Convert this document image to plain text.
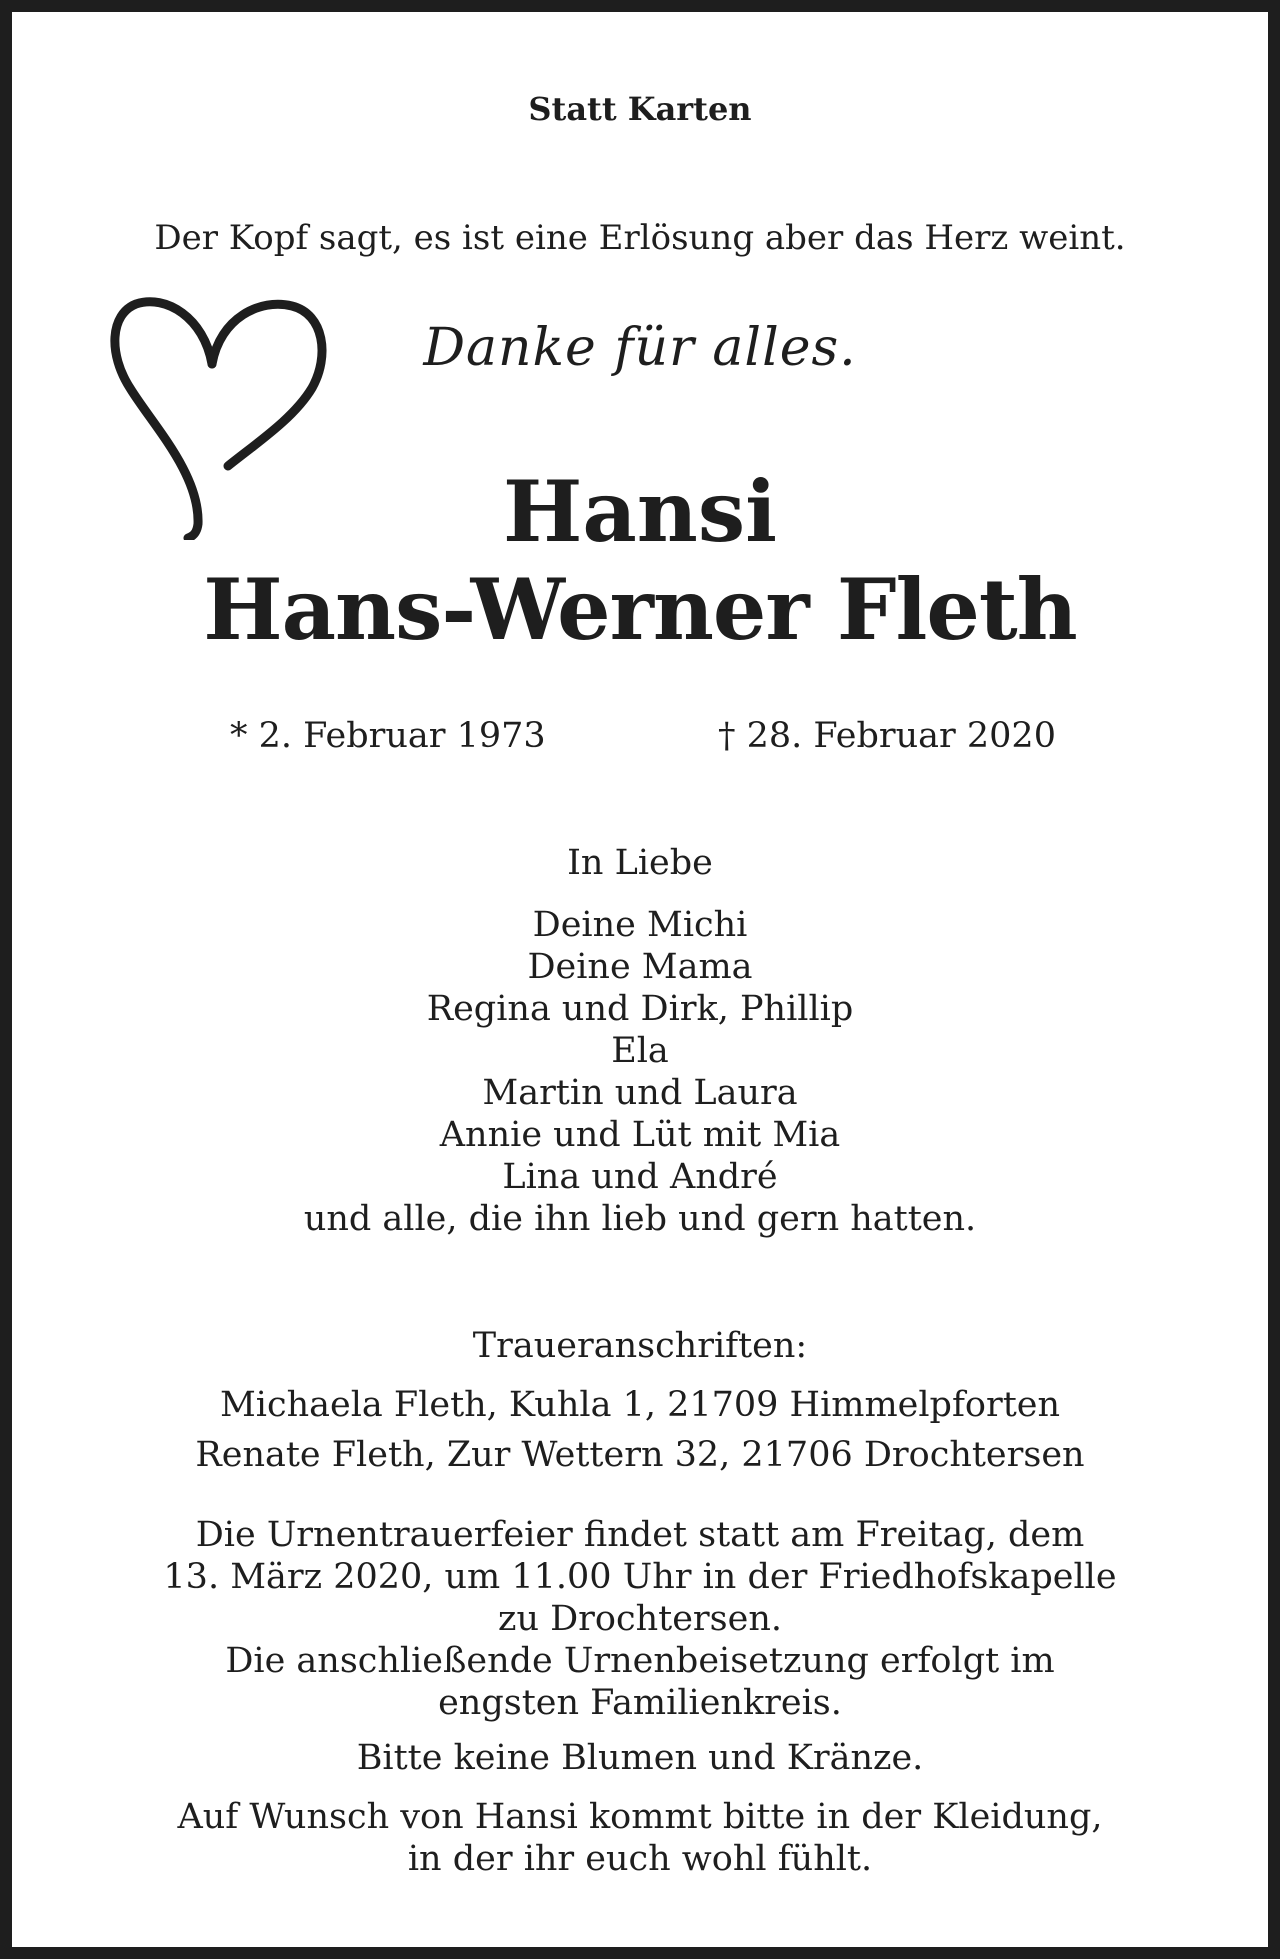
Statt Karten
Der Kopf sagt, es ist eine Erlösung aber das Herz weint.
Danke für alles.
Hansi
Hans-Werner Fleth
* 2. Februar 1973	† 28. Februar 2020
In Liebe
Deine Michi
Deine Mama
Regina und Dirk, Phillip
Ela
Martin und Laura
Annie und Lüt mit Mia
Lina und André
und alle, die ihn lieb und gern hatten.
Traueranschriften:
Michaela Fleth, Kuhla 1, 21709 Himmelpforten
Renate Fleth, Zur Wettern 32, 21706 Drochtersen
Die Urnentrauerfeier findet statt am Freitag, dem
13. März 2020, um 11.00 Uhr in der Friedhofskapelle
zu Drochtersen.
Die anschließende Urnenbeisetzung erfolgt im
engsten Familienkreis.
Bitte keine Blumen und Kränze.
Auf Wunsch von Hansi kommt bitte in der Kleidung,
in der ihr euch wohl fühlt.
